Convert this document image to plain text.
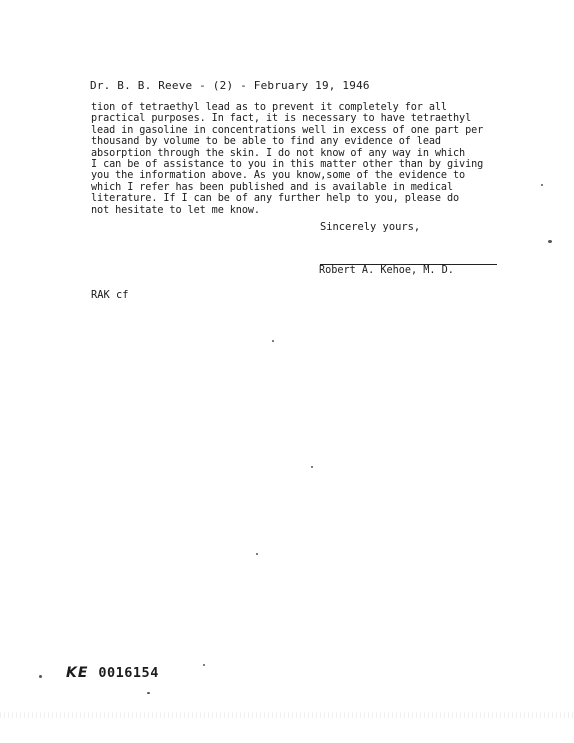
Dr. B. B. Reeve - (2) - February 19, 1946
tion of tetraethyl lead as to prevent it completely for all
practical purposes. In fact, it is necessary to have tetraethyl
lead in gasoline in concentrations well in excess of one part per
thousand by volume to be able to find any evidence of lead
absorption through the skin. I do not know of any way in which
I can be of assistance to you in this matter other than by giving
you the information above. As you know,some of the evidence to
which I refer has been published and is available in medical
literature. If I can be of any further help to you, please do
not hesitate to let me know.
Sincerely yours,
Robert A. Kehoe, M. D.
RAK cf
KE 0016154
